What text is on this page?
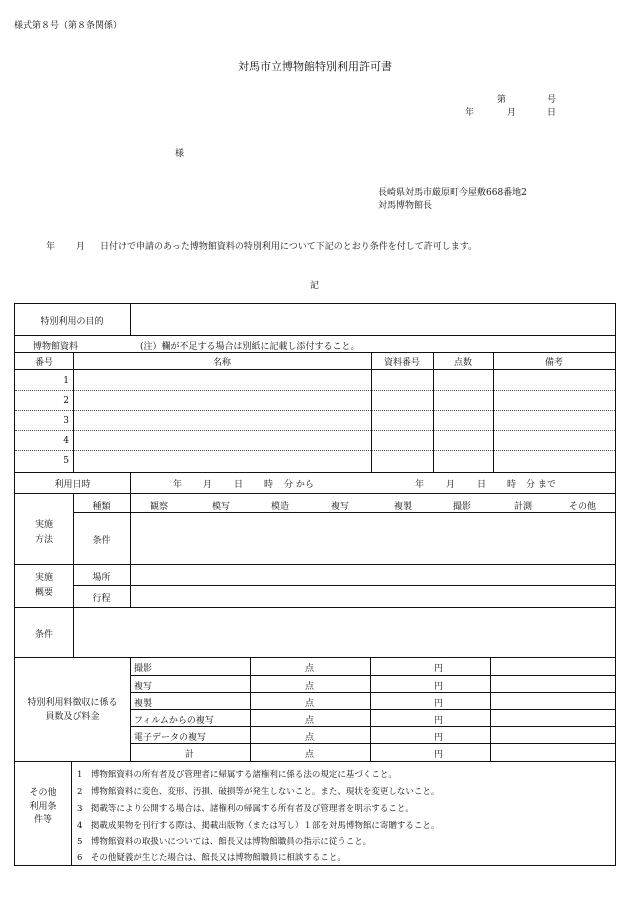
様式第８号（第８条関係）
対馬市立博物館特別利用許可書
第	号
年	月	日
様
長崎県対馬市厳原町今屋敷668番地2
対馬博物館長
年 月 日付けで申請のあった博物館資料の特別利用について下記のとおり条件を付して許可します。
記
特別利用の目的
博物館資料	(注）欄が不足する場合は別紙に記載し添付すること。
番号	名称	資料番号	点数	備考
1
2
3
4
5
利用日時	年 月 日 時 分 から	年 月 日 時 分 まで
実施方法
種類	観察	模写	模造	複写	複製	撮影	計測	その他
条件
実施概要
場所
行程
条件
特別利用料徴収に係る員数及び料金
撮影	点	円
複写	点	円
複製	点	円
フィルムからの複写	点	円
電子データの複写	点	円
計	点	円
その他利用条件等
1　博物館資料の所有者及び管理者に帰属する諸権利に係る法の規定に基づくこと。
2　博物館資料に変色、変形、汚損、破損等が発生しないこと。また、現状を変更しないこと。
3　掲載等により公開する場合は、諸権利の帰属する所有者及び管理者を明示すること。
4　掲載成果物を刊行する際は、掲載出版物（または写し）１部を対馬博物館に寄贈すること。
5　博物館資料の取扱いについては、館長又は博物館職員の指示に従うこと。
6　その他疑義が生じた場合は、館長又は博物館職員に相談すること。
